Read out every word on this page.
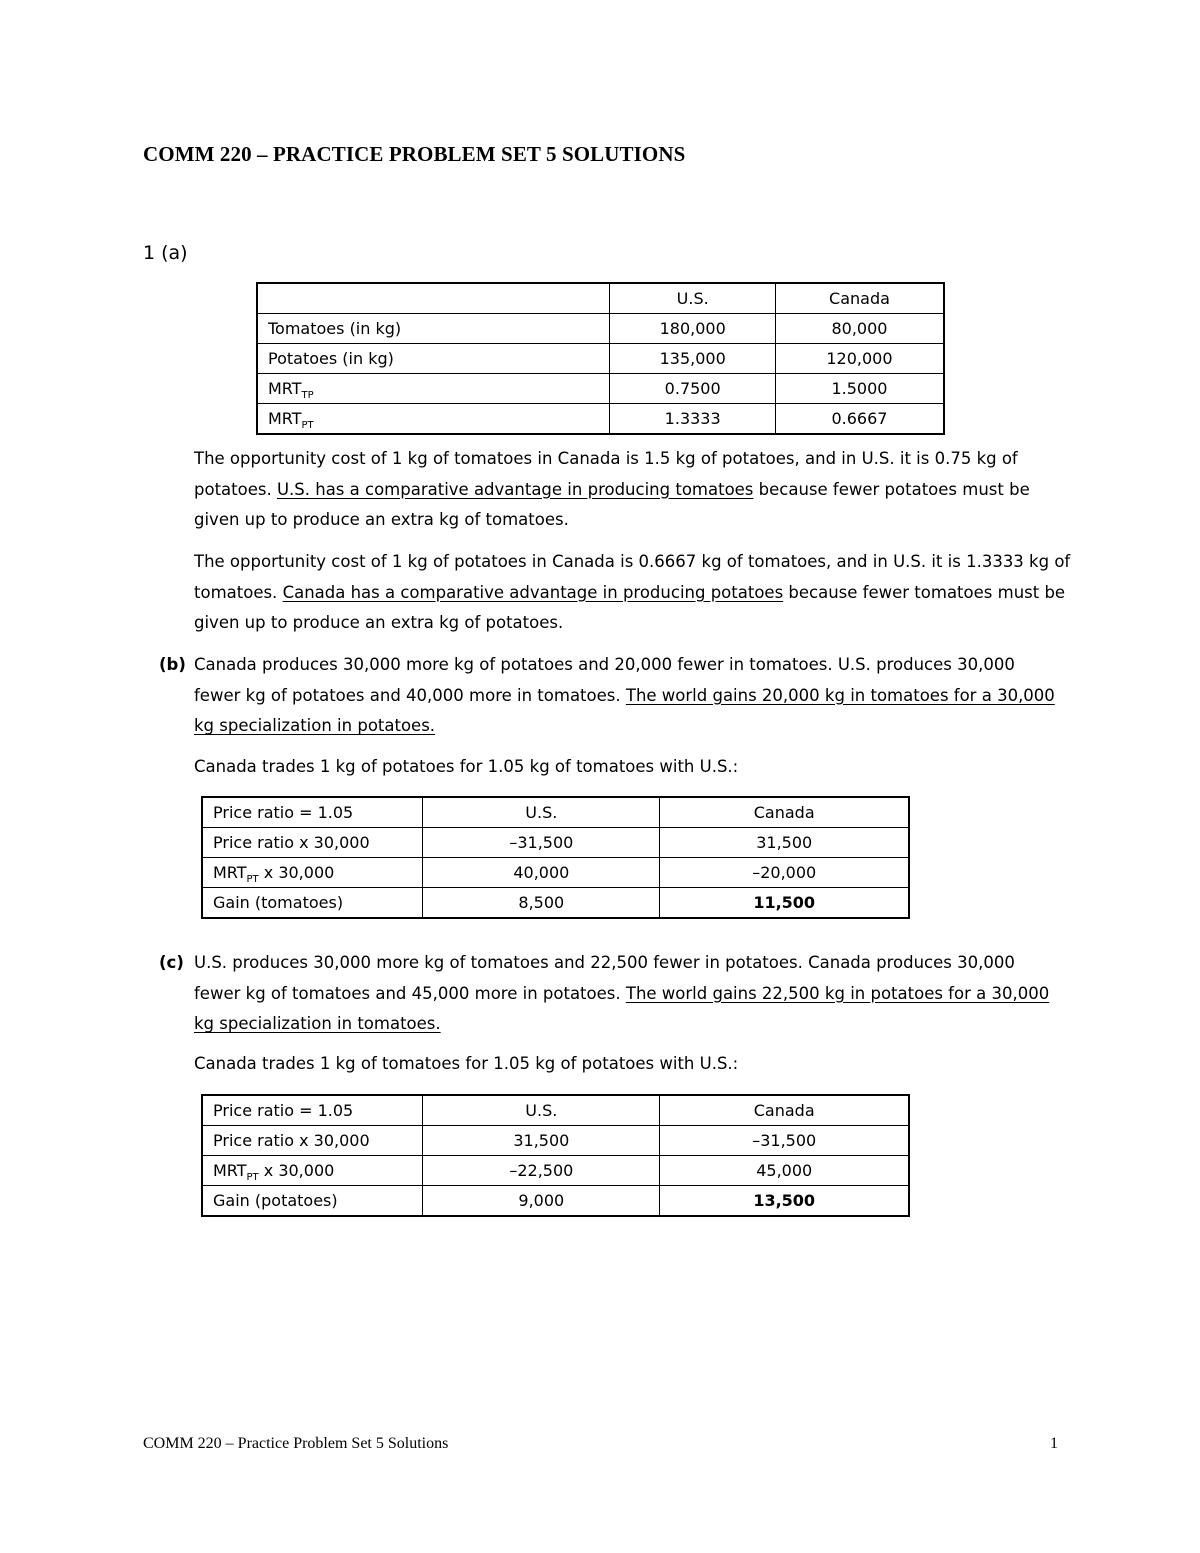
COMM 220 – PRACTICE PROBLEM SET 5 SOLUTIONS
1 (a)
	U.S.	Canada
Tomatoes (in kg)	180,000	80,000
Potatoes (in kg)	135,000	120,000
$MRT_{TP}$	0.7500	1.5000
$MRT_{PT}$	1.3333	0.6667

The opportunity cost of 1 kg of tomatoes in Canada is 1.5 kg of potatoes, and in U.S. it is 0.75 kg of potatoes. U.S. has a comparative advantage in producing tomatoes because fewer potatoes must be given up to produce an extra kg of tomatoes.

The opportunity cost of 1 kg of potatoes in Canada is 0.6667 kg of tomatoes, and in U.S. it is 1.3333 kg of tomatoes. Canada has a comparative advantage in producing potatoes because fewer tomatoes must be given up to produce an extra kg of potatoes.

(b) Canada produces 30,000 more kg of potatoes and 20,000 fewer in tomatoes. U.S. produces 30,000 fewer kg of potatoes and 40,000 more in tomatoes. The world gains 20,000 kg in tomatoes for a 30,000 kg specialization in potatoes.

Canada trades 1 kg of potatoes for 1.05 kg of tomatoes with U.S.:
Price ratio = 1.05	U.S.	Canada
Price ratio x 30,000	–31,500	31,500
$MRT_{PT}$ x 30,000	40,000	–20,000
Gain (tomatoes)	8,500	11,500
(c) U.S. produces 30,000 more kg of tomatoes and 22,500 fewer in potatoes. Canada produces 30,000 fewer kg of tomatoes and 45,000 more in potatoes. The world gains 22,500 kg in potatoes for a 30,000 kg specialization in tomatoes.

Canada trades 1 kg of tomatoes for 1.05 kg of potatoes with U.S.:
Price ratio = 1.05	U.S.	Canada
Price ratio x 30,000	31,500	–31,500
$MRT_{PT}$ x 30,000	–22,500	45,000
Gain (potatoes)	9,000	13,500
COMM 220 – Practice Problem Set 5 Solutions	1
